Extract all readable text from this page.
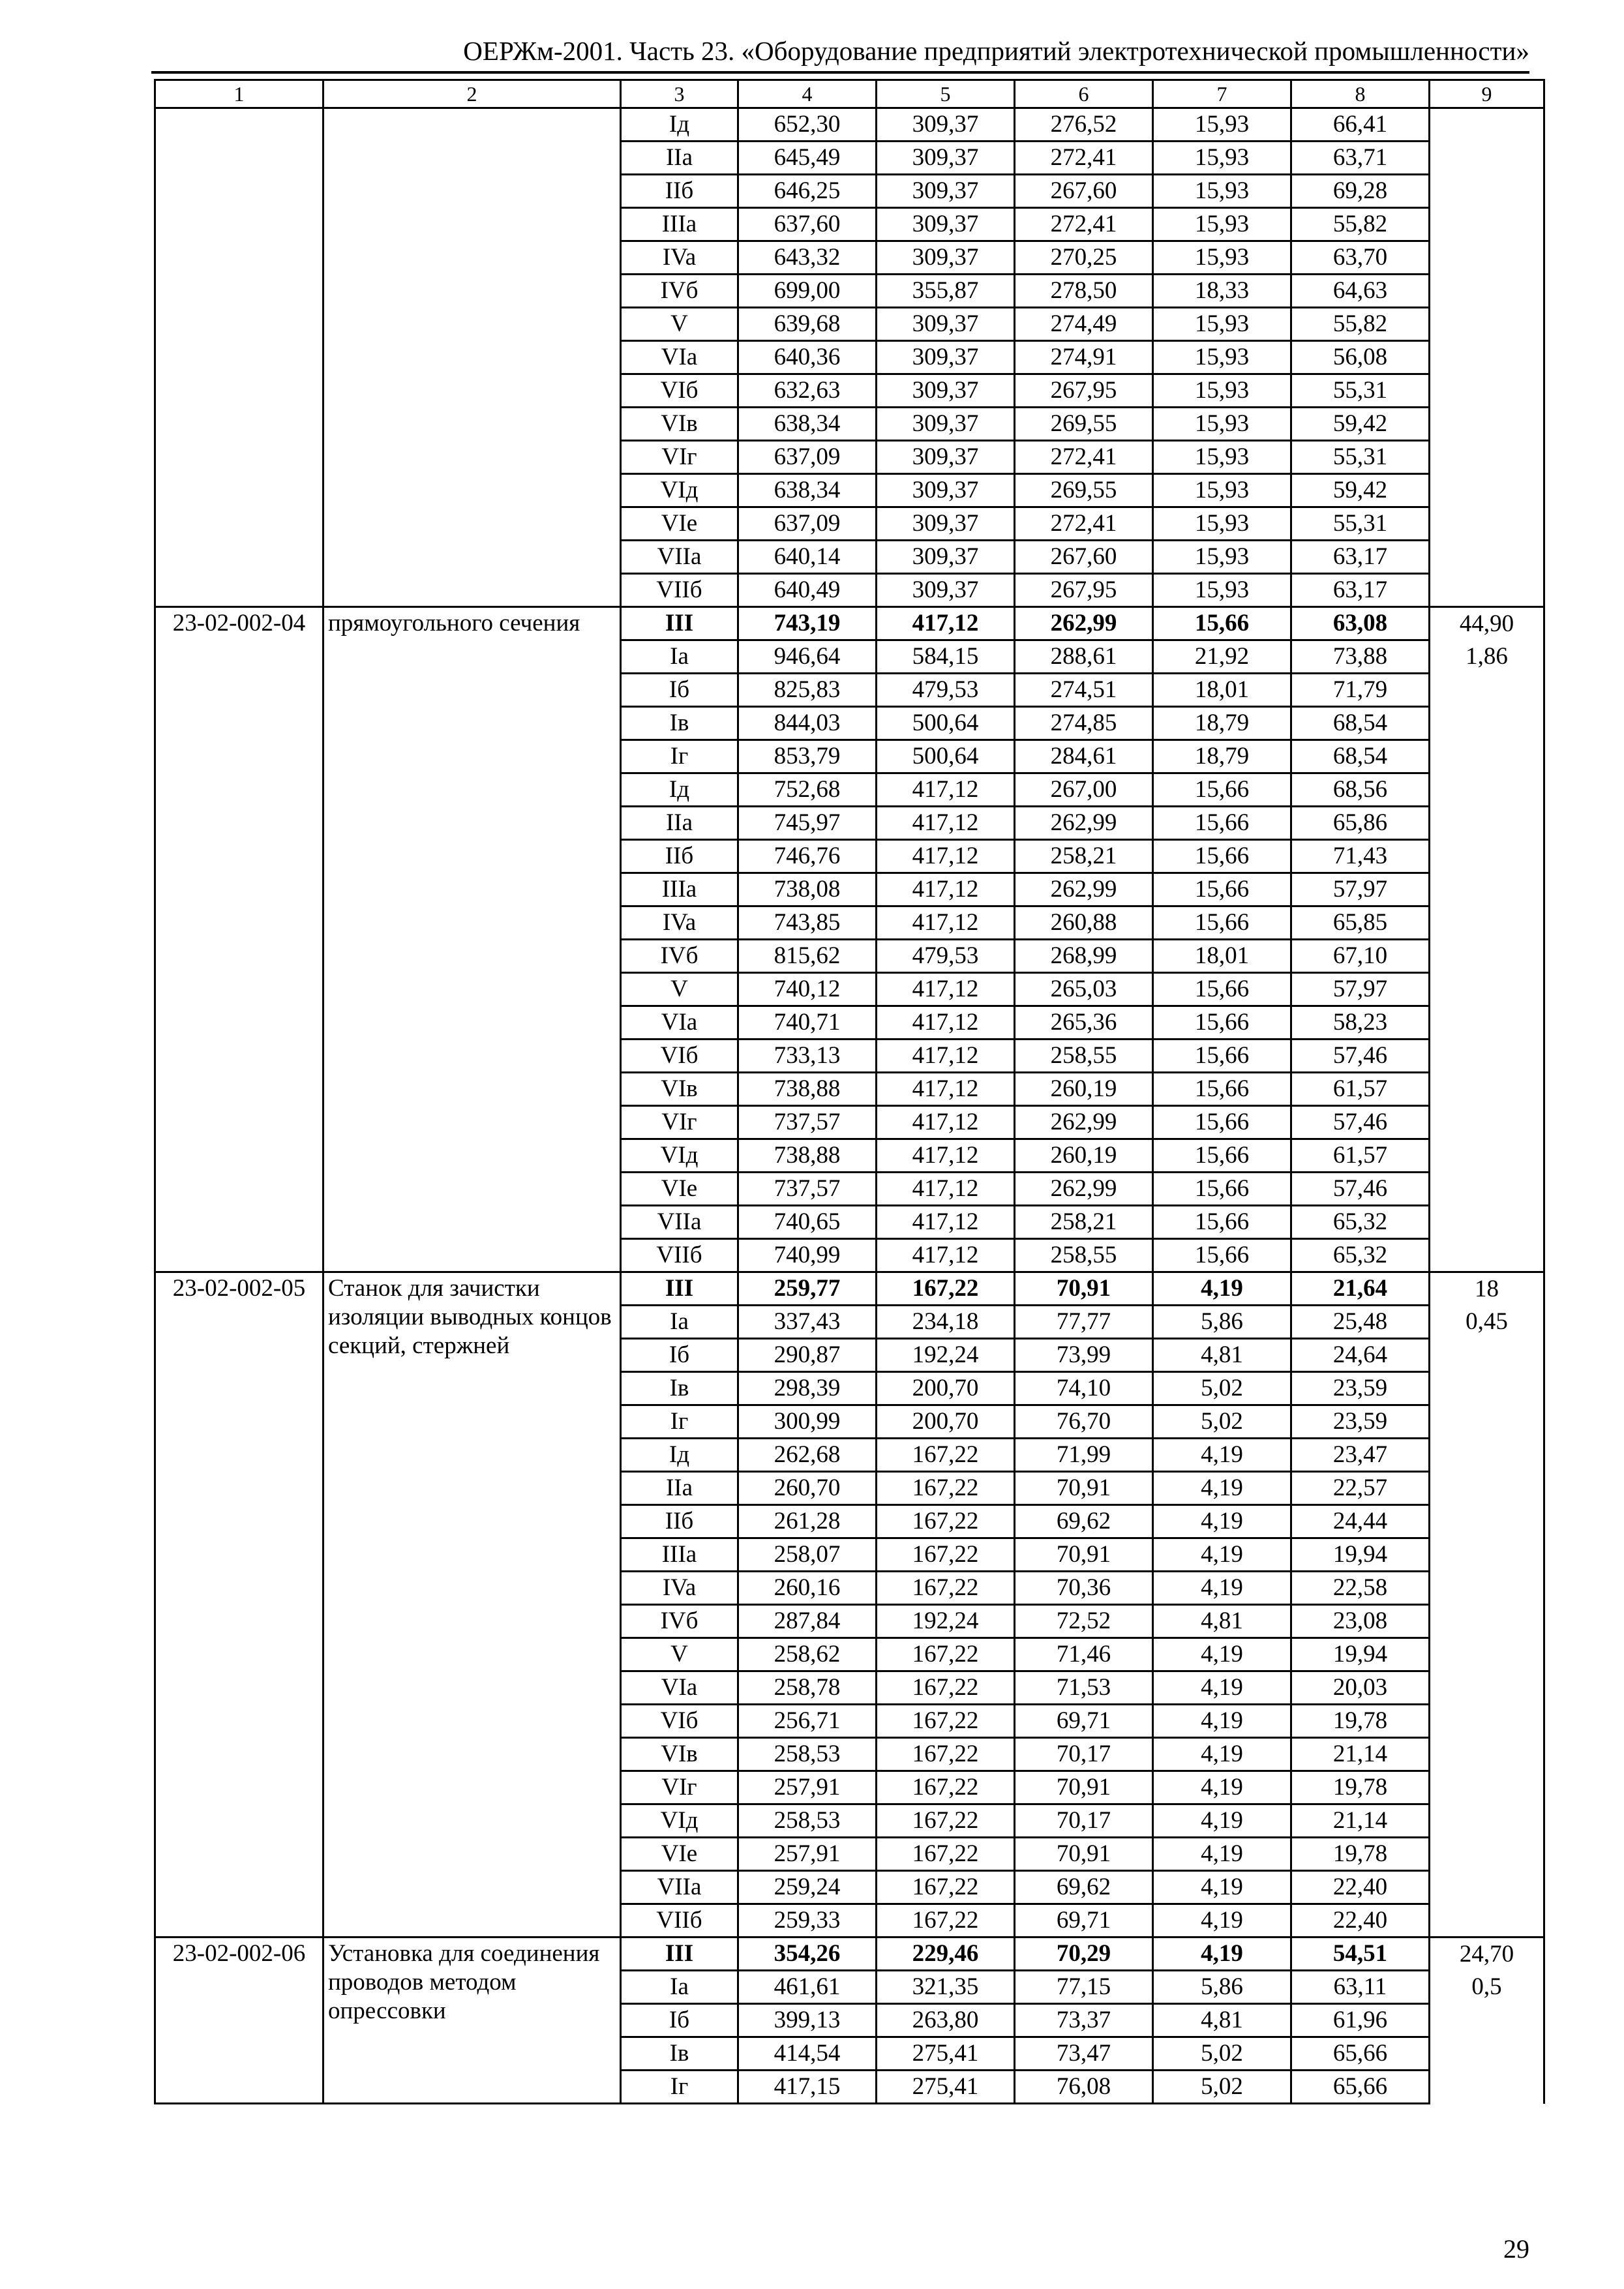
ОЕРЖм-2001. Часть 23. «Оборудование предприятий электротехнической промышленности»
1	2	3	4	5	6	7	8	9
		Iд	652,30	309,37	276,52	15,93	66,41	
		IIa	645,49	309,37	272,41	15,93	63,71	
		IIб	646,25	309,37	267,60	15,93	69,28	
		IIIa	637,60	309,37	272,41	15,93	55,82	
		IVa	643,32	309,37	270,25	15,93	63,70	
		IVб	699,00	355,87	278,50	18,33	64,63	
		V	639,68	309,37	274,49	15,93	55,82	
		VIa	640,36	309,37	274,91	15,93	56,08	
		VIб	632,63	309,37	267,95	15,93	55,31	
		VIв	638,34	309,37	269,55	15,93	59,42	
		VIг	637,09	309,37	272,41	15,93	55,31	
		VIд	638,34	309,37	269,55	15,93	59,42	
		VIe	637,09	309,37	272,41	15,93	55,31	
		VIIa	640,14	309,37	267,60	15,93	63,17	
		VIIб	640,49	309,37	267,95	15,93	63,17	
23-02-002-04	прямоугольного сечения	III	743,19	417,12	262,99	15,66	63,08	44,90
		Ia	946,64	584,15	288,61	21,92	73,88	1,86
		Iб	825,83	479,53	274,51	18,01	71,79	
		Iв	844,03	500,64	274,85	18,79	68,54	
		Iг	853,79	500,64	284,61	18,79	68,54	
		Iд	752,68	417,12	267,00	15,66	68,56	
		IIa	745,97	417,12	262,99	15,66	65,86	
		IIб	746,76	417,12	258,21	15,66	71,43	
		IIIa	738,08	417,12	262,99	15,66	57,97	
		IVa	743,85	417,12	260,88	15,66	65,85	
		IVб	815,62	479,53	268,99	18,01	67,10	
		V	740,12	417,12	265,03	15,66	57,97	
		VIa	740,71	417,12	265,36	15,66	58,23	
		VIб	733,13	417,12	258,55	15,66	57,46	
		VIв	738,88	417,12	260,19	15,66	61,57	
		VIг	737,57	417,12	262,99	15,66	57,46	
		VIд	738,88	417,12	260,19	15,66	61,57	
		VIe	737,57	417,12	262,99	15,66	57,46	
		VIIa	740,65	417,12	258,21	15,66	65,32	
		VIIб	740,99	417,12	258,55	15,66	65,32	
23-02-002-05	Станок для зачистки изоляции выводных концов секций, стержней	III	259,77	167,22	70,91	4,19	21,64	18
		Ia	337,43	234,18	77,77	5,86	25,48	0,45
		Iб	290,87	192,24	73,99	4,81	24,64	
		Iв	298,39	200,70	74,10	5,02	23,59	
		Iг	300,99	200,70	76,70	5,02	23,59	
		Iд	262,68	167,22	71,99	4,19	23,47	
		IIa	260,70	167,22	70,91	4,19	22,57	
		IIб	261,28	167,22	69,62	4,19	24,44	
		IIIa	258,07	167,22	70,91	4,19	19,94	
		IVa	260,16	167,22	70,36	4,19	22,58	
		IVб	287,84	192,24	72,52	4,81	23,08	
		V	258,62	167,22	71,46	4,19	19,94	
		VIa	258,78	167,22	71,53	4,19	20,03	
		VIб	256,71	167,22	69,71	4,19	19,78	
		VIв	258,53	167,22	70,17	4,19	21,14	
		VIг	257,91	167,22	70,91	4,19	19,78	
		VIд	258,53	167,22	70,17	4,19	21,14	
		VIe	257,91	167,22	70,91	4,19	19,78	
		VIIa	259,24	167,22	69,62	4,19	22,40	
		VIIб	259,33	167,22	69,71	4,19	22,40	
23-02-002-06	Установка для соединения проводов методом опрессовки	III	354,26	229,46	70,29	4,19	54,51	24,70
		Ia	461,61	321,35	77,15	5,86	63,11	0,5
		Iб	399,13	263,80	73,37	4,81	61,96	
		Iв	414,54	275,41	73,47	5,02	65,66	
		Iг	417,15	275,41	76,08	5,02	65,66	
29
